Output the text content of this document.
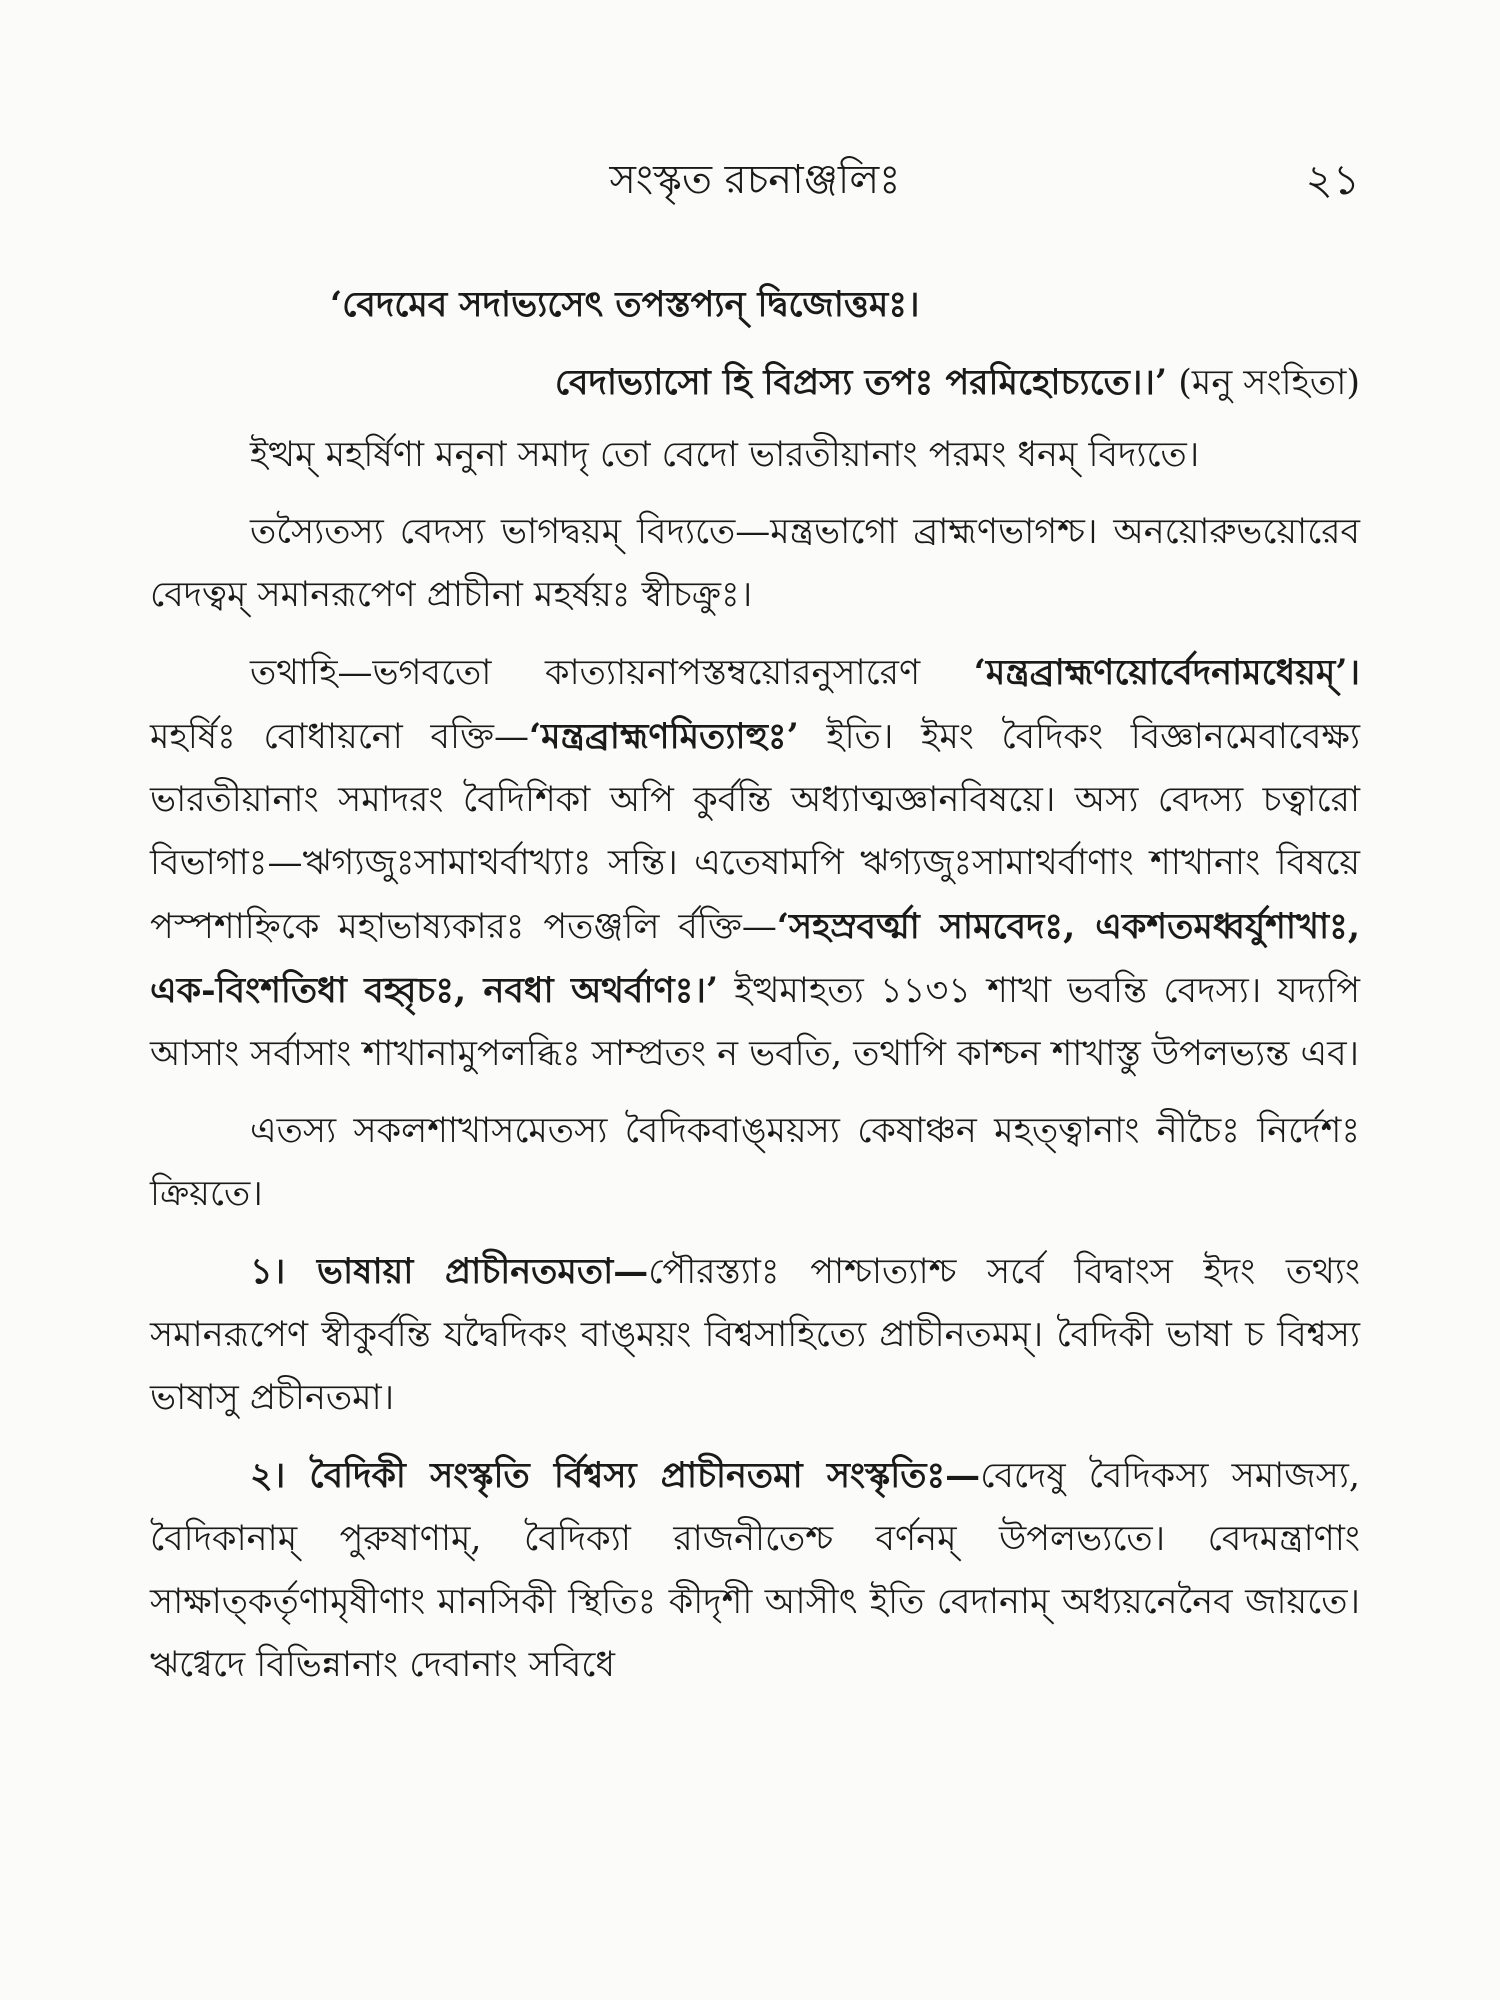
সংস্কৃত রচনাঞ্জলিঃ	২১

‘বেদমেব সদাভ্যসেৎ তপস্তপ্যন্ দ্বিজোত্তমঃ।

বেদাভ্যাসো হি বিপ্রস্য তপঃ পরমিহোচ্যতে।।’ (মনু সংহিতা)

ইত্থম্ মহর্ষিণা মনুনা সমাদৃ তো বেদো ভারতীয়ানাং পরমং ধনম্ বিদ্যতে।

তস্যৈতস্য বেদস্য ভাগদ্বয়ম্ বিদ্যতে—মন্ত্রভাগো ব্রাহ্মণভাগশ্চ। অনয়োরুভয়োরেব বেদত্বম্ সমানরূপেণ প্রাচীনা মহর্ষয়ঃ স্বীচক্রুঃ।

তথাহি—ভগবতো কাত্যায়নাপস্তম্বয়োরনুসারেণ ‘মন্ত্রব্রাহ্মণয়োর্বেদনামধেয়ম্’। মহর্ষিঃ বোধায়নো বক্তি—‘মন্ত্রব্রাহ্মণমিত্যাহুঃ’ ইতি। ইমং বৈদিকং বিজ্ঞানমেবাবেক্ষ্য ভারতীয়ানাং সমাদরং বৈদিশিকা অপি কুর্বন্তি অধ্যাত্মজ্ঞানবিষয়ে। অস্য বেদস্য চত্বারো বিভাগাঃ—ঋগ্যজুঃসামাথর্বাখ্যাঃ সন্তি। এতেষামপি ঋগ্যজুঃসামাথর্বাণাং শাখানাং বিষয়ে পস্পশাহ্নিকে মহাভাষ্যকারঃ পতঞ্জলি র্বক্তি—‘সহস্রবর্ত্মা সামবেদঃ, একশতমধ্বর্যুশাখাঃ, এক-বিংশতিধা বহ্বৃচঃ, নবধা অথর্বাণঃ।’ ইত্থমাহত্য ১১৩১ শাখা ভবন্তি বেদস্য। যদ্যপি আসাং সর্বাসাং শাখানামুপলব্ধিঃ সাম্প্রতং ন ভবতি, তথাপি কাশ্চন শাখাস্তু উপলভ্যন্ত এব।

এতস্য সকলশাখাসমেতস্য বৈদিকবাঙ্‌ময়স্য কেষাঞ্চন মহত্ত্বানাং নীচৈঃ নির্দেশঃ ক্রিয়তে।

১। ভাষায়া প্রাচীনতমতা—পৌরস্ত্যাঃ পাশ্চাত্যাশ্চ সর্বে বিদ্বাংস ইদং তথ্যং সমানরূপেণ স্বীকুর্বন্তি যদ্বৈদিকং বাঙ্‌ময়ং বিশ্বসাহিত্যে প্রাচীনতমম্। বৈদিকী ভাষা চ বিশ্বস্য ভাষাসু প্রচীনতমা।

২। বৈদিকী সংস্কৃতি র্বিশ্বস্য প্রাচীনতমা সংস্কৃতিঃ—বেদেষু বৈদিকস্য সমাজস্য, বৈদিকানাম্ পুরুষাণাম্, বৈদিক্যা রাজনীতেশ্চ বর্ণনম্ উপলভ্যতে। বেদমন্ত্রাণাং সাক্ষাত্কর্তৃণামৃষীণাং মানসিকী স্থিতিঃ কীদৃশী আসীৎ ইতি বেদানাম্ অধ্যয়নেনৈব জায়তে। ঋগ্বেদে বিভিন্নানাং দেবানাং সবিধে
